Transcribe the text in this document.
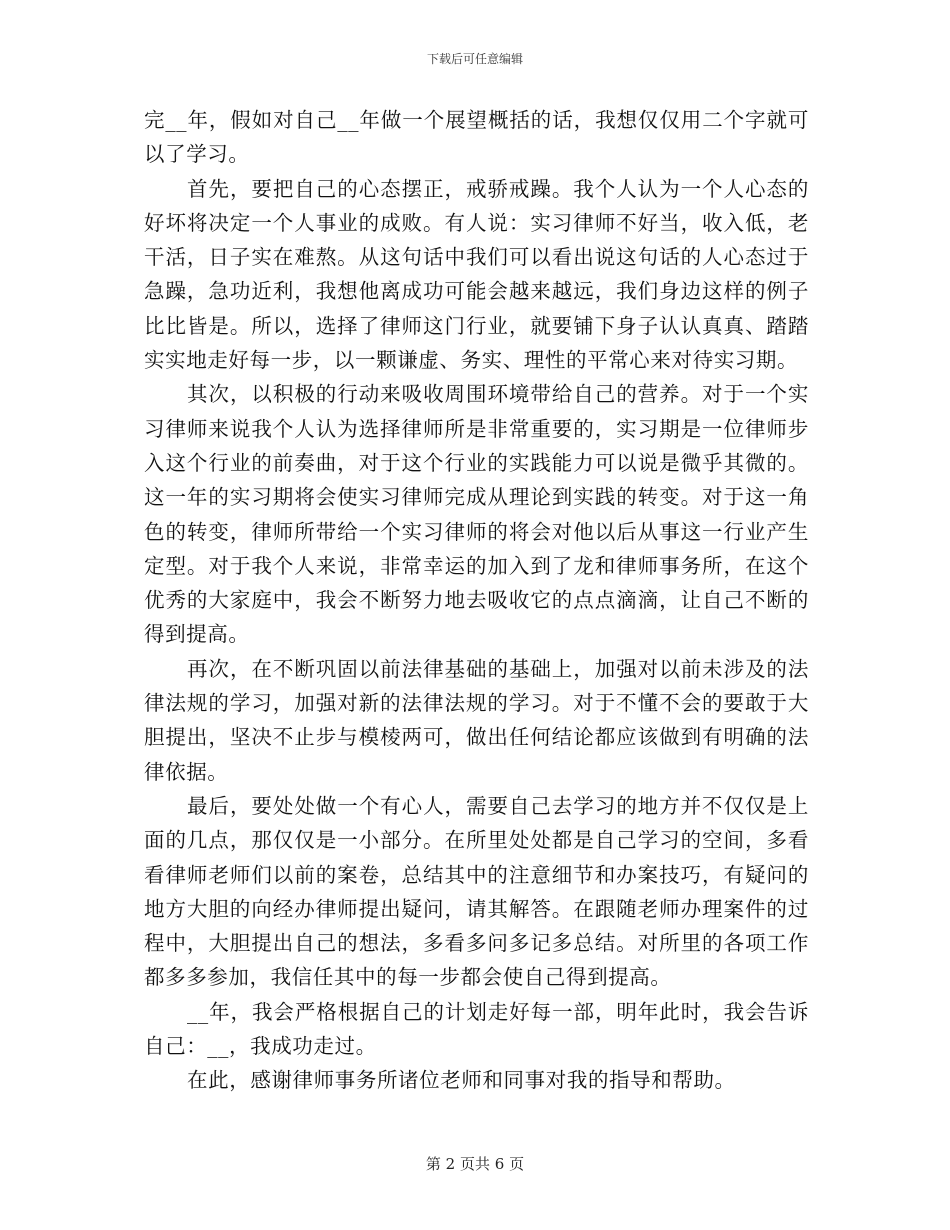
下载后可任意编辑

完__年，假如对自己__年做一个展望概括的话，我想仅仅用二个字就可以了学习。

首先，要把自己的心态摆正，戒骄戒躁。我个人认为一个人心态的好坏将决定一个人事业的成败。有人说：实习律师不好当，收入低，老干活，日子实在难熬。从这句话中我们可以看出说这句话的人心态过于急躁，急功近利，我想他离成功可能会越来越远，我们身边这样的例子比比皆是。所以，选择了律师这门行业，就要铺下身子认认真真、踏踏实实地走好每一步，以一颗谦虚、务实、理性的平常心来对待实习期。

其次，以积极的行动来吸收周围环境带给自己的营养。对于一个实习律师来说我个人认为选择律师所是非常重要的，实习期是一位律师步入这个行业的前奏曲，对于这个行业的实践能力可以说是微乎其微的。这一年的实习期将会使实习律师完成从理论到实践的转变。对于这一角色的转变，律师所带给一个实习律师的将会对他以后从事这一行业产生定型。对于我个人来说，非常幸运的加入到了龙和律师事务所，在这个优秀的大家庭中，我会不断努力地去吸收它的点点滴滴，让自己不断的得到提高。

再次，在不断巩固以前法律基础的基础上，加强对以前未涉及的法律法规的学习，加强对新的法律法规的学习。对于不懂不会的要敢于大胆提出，坚决不止步与模棱两可，做出任何结论都应该做到有明确的法律依据。

最后，要处处做一个有心人，需要自己去学习的地方并不仅仅是上面的几点，那仅仅是一小部分。在所里处处都是自己学习的空间，多看看律师老师们以前的案卷，总结其中的注意细节和办案技巧，有疑问的地方大胆的向经办律师提出疑问，请其解答。在跟随老师办理案件的过程中，大胆提出自己的想法，多看多问多记多总结。对所里的各项工作都多多参加，我信任其中的每一步都会使自己得到提高。

__年，我会严格根据自己的计划走好每一部，明年此时，我会告诉自己：__，我成功走过。

在此，感谢律师事务所诸位老师和同事对我的指导和帮助。

第 2 页共 6 页
